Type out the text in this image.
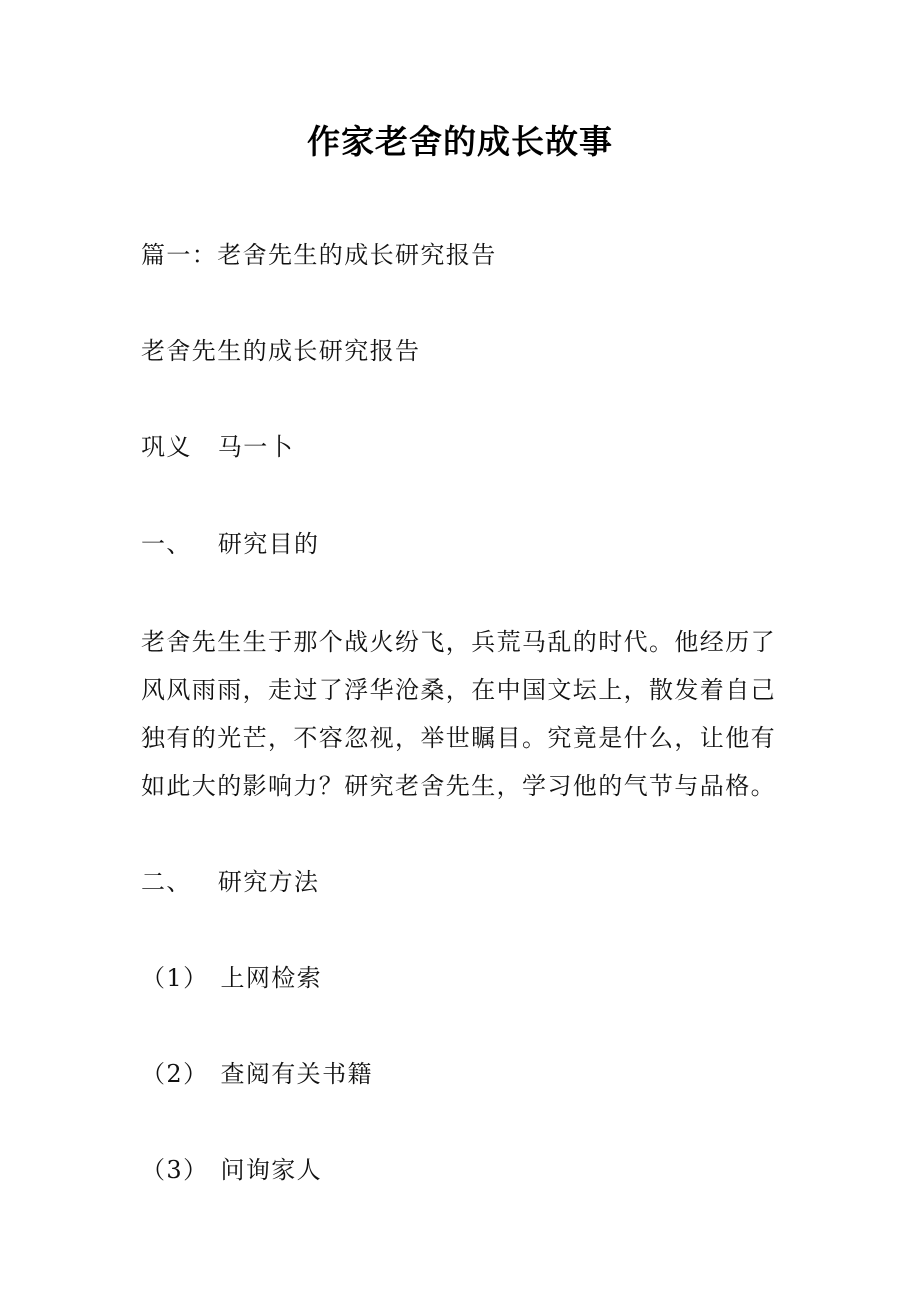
作家老舍的成长故事
篇一：老舍先生的成长研究报告
老舍先生的成长研究报告
巩义 马一卜
一、 研究目的
老舍先生生于那个战火纷飞，兵荒马乱的时代。他经历了风风雨雨，走过了浮华沧桑，在中国文坛上，散发着自己独有的光芒，不容忽视，举世瞩目。究竟是什么，让他有如此大的影响力？研究老舍先生，学习他的气节与品格。
二、 研究方法
（1） 上网检索
（2） 查阅有关书籍
（3） 问询家人
